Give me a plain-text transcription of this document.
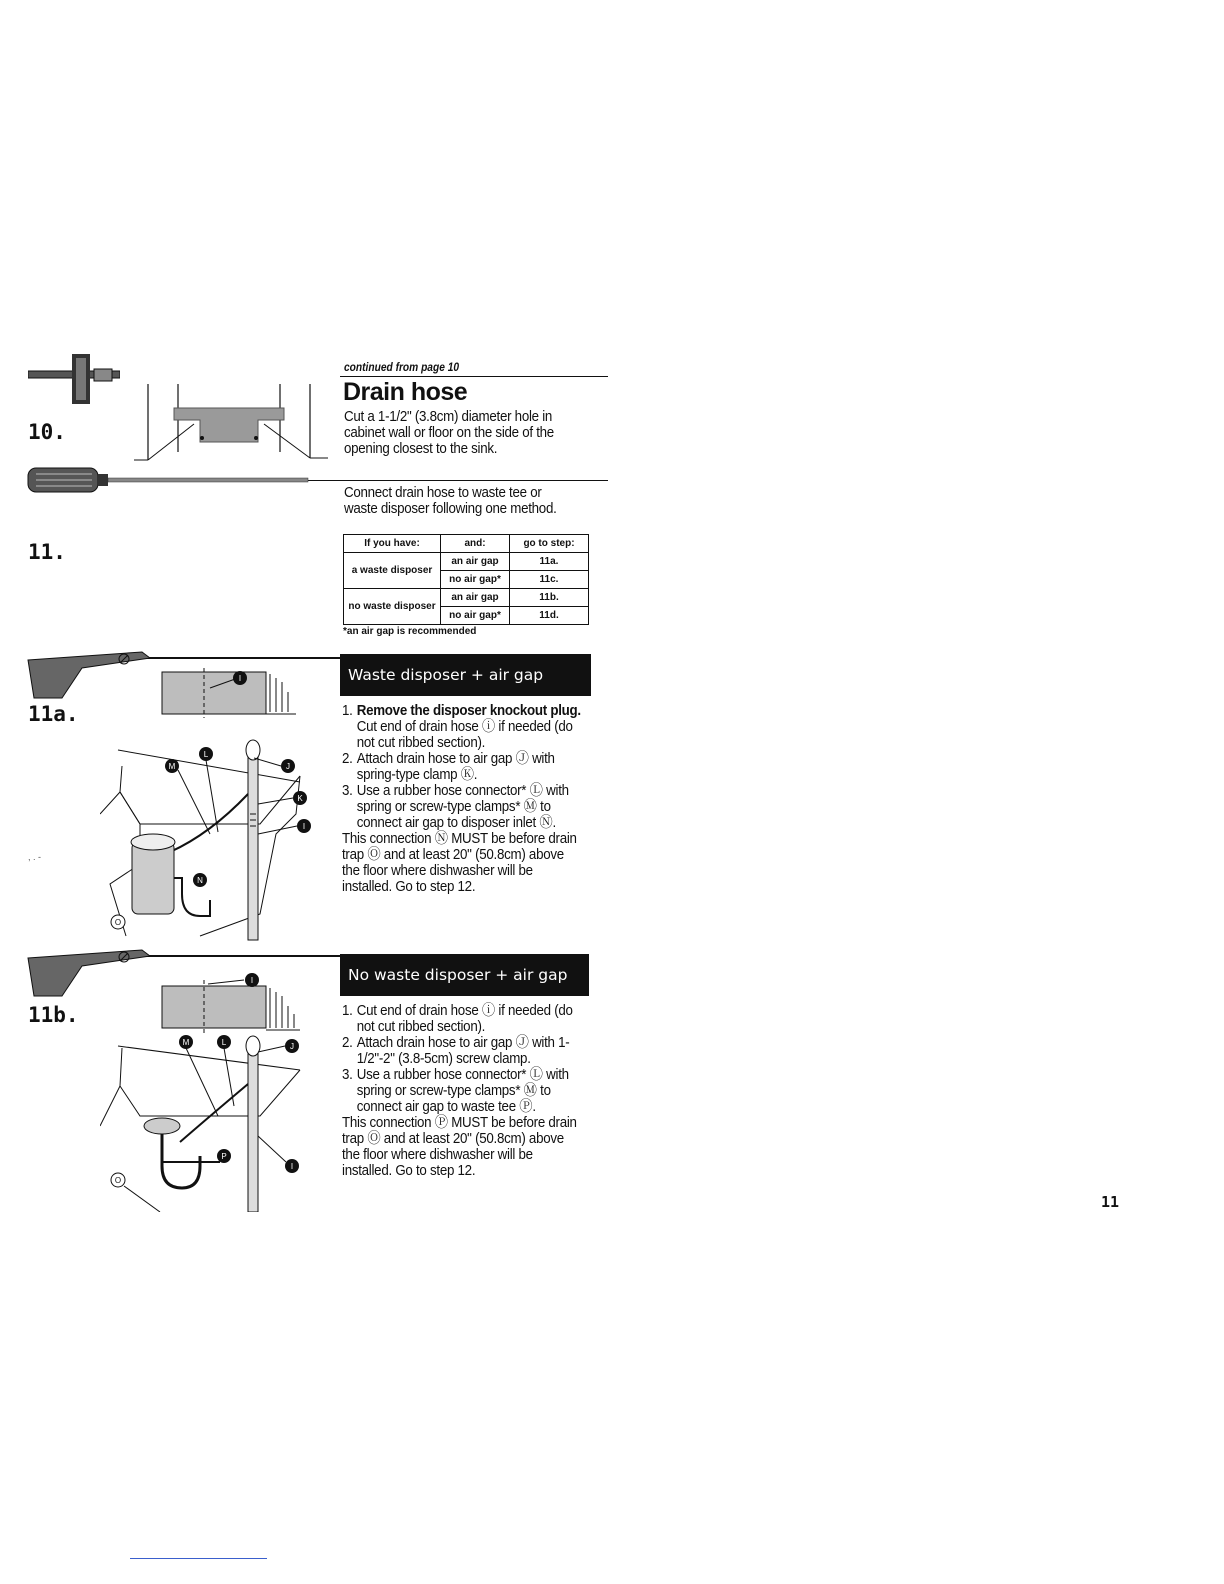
continued from page 10
10.
Drain hose
Cut a 1-1/2" (3.8cm) diameter hole in cabinet wall or floor on the side of the opening closest to the sink.
Connect drain hose to waste tee or waste disposer following one method.
11.	If you have:	and:	go to step:
a waste disposer	an air gap	11a.
	no air gap*	11c.
no waste disposer	an air gap	11b.
	no air gap*	11d.
*an air gap is recommended
11a.
I
M
L
J
K
I
N
O
, . -
Waste disposer + air gap
1. Remove the disposer knockout plug.
Cut end of drain hose ⓘ if needed (do not cut ribbed section).
2. Attach drain hose to air gap Ⓙ with spring-type clamp Ⓚ.
3. Use a rubber hose connector* Ⓛ with spring or screw-type clamps* Ⓜ to connect air gap to disposer inlet Ⓝ.
This connection Ⓝ MUST be before drain trap Ⓞ and at least 20" (50.8cm) above the floor where dishwasher will be installed. Go to step 12.
11b.
I
M	L	J
P
O
I
No waste disposer + air gap
1. Cut end of drain hose ⓘ if needed (do not cut ribbed section).
2. Attach drain hose to air gap Ⓙ with 1-1/2"-2" (3.8-5cm) screw clamp.
3. Use a rubber hose connector* Ⓛ with spring or screw-type clamps* Ⓜ to connect air gap to waste tee Ⓟ.
This connection Ⓟ MUST be before drain trap Ⓞ and at least 20" (50.8cm) above the floor where dishwasher will be installed. Go to step 12.
11
